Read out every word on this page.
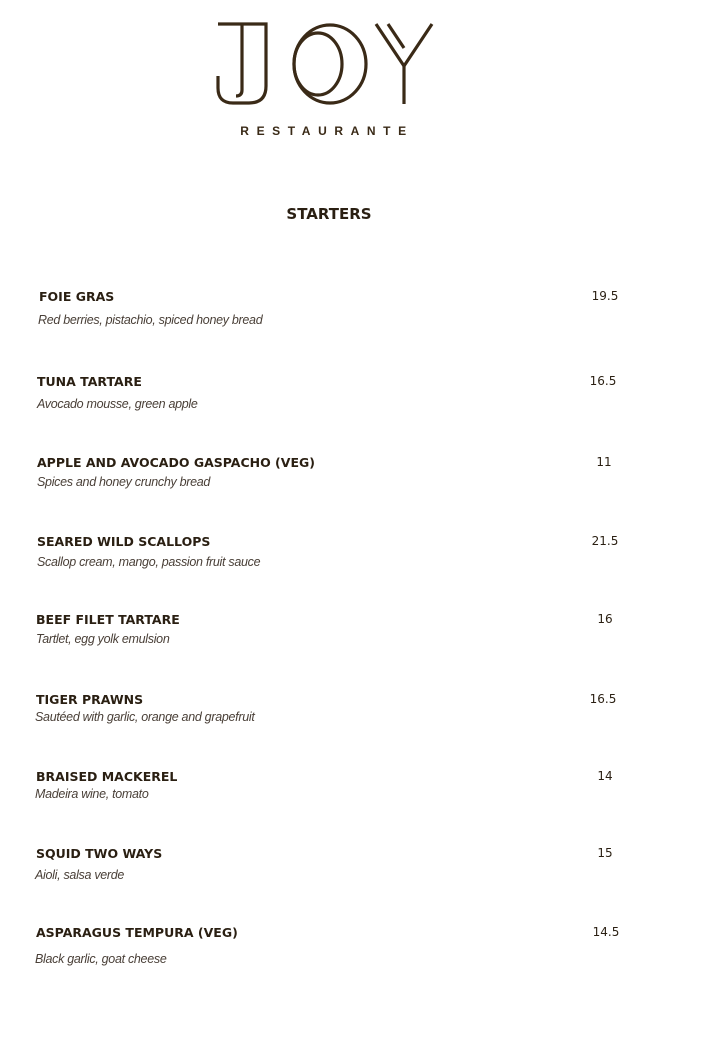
RESTAURANTE
STARTERS
FOIE GRAS
Red berries, pistachio, spiced honey bread
19.5
TUNA TARTARE
Avocado mousse, green apple
16.5
APPLE AND AVOCADO GASPACHO (VEG)
Spices and honey crunchy bread
11
SEARED WILD SCALLOPS
Scallop cream, mango, passion fruit sauce
21.5
BEEF FILET TARTARE
Tartlet, egg yolk emulsion
16
TIGER PRAWNS
Sautéed with garlic, orange and grapefruit
16.5
BRAISED MACKEREL
Madeira wine, tomato
14
SQUID TWO WAYS
Aioli, salsa verde
15
ASPARAGUS TEMPURA (VEG)
Black garlic, goat cheese
14.5
